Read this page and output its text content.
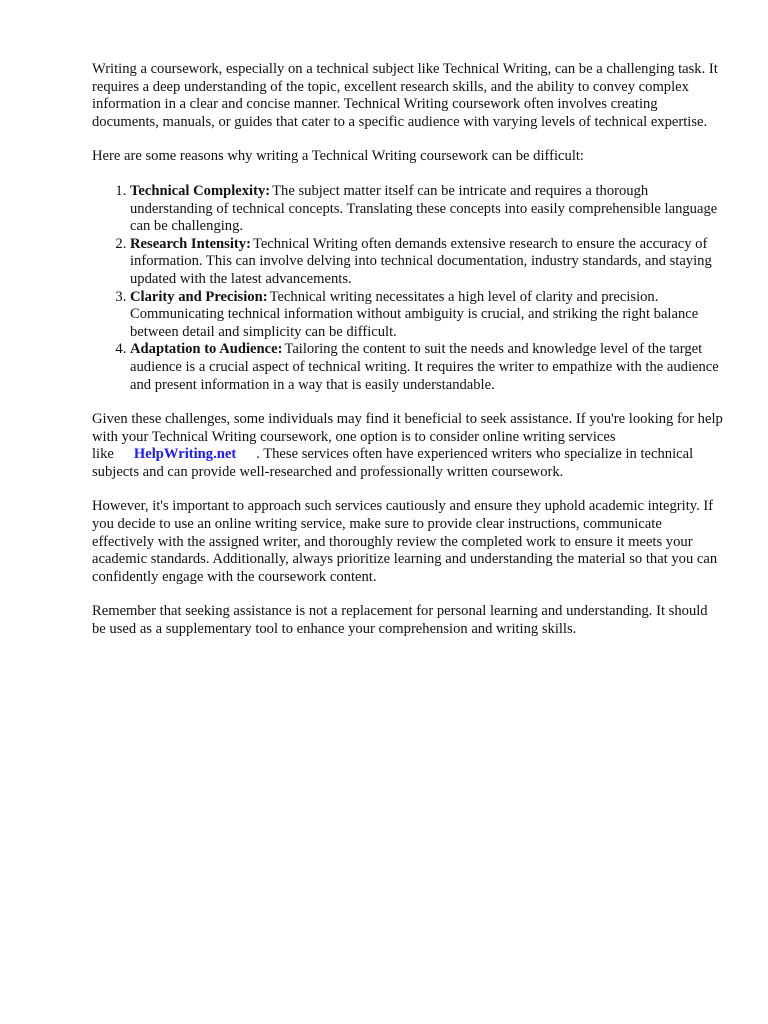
Writing a coursework, especially on a technical subject like Technical Writing, can be a challenging task. It requires a deep understanding of the topic, excellent research skills, and the ability to convey complex information in a clear and concise manner. Technical Writing coursework often involves creating documents, manuals, or guides that cater to a specific audience with varying levels of technical expertise.

Here are some reasons why writing a Technical Writing coursework can be difficult:

1. Technical Complexity: The subject matter itself can be intricate and requires a thorough understanding of technical concepts. Translating these concepts into easily comprehensible language can be challenging.
2. Research Intensity: Technical Writing often demands extensive research to ensure the accuracy of information. This can involve delving into technical documentation, industry standards, and staying updated with the latest advancements.
3. Clarity and Precision: Technical writing necessitates a high level of clarity and precision. Communicating technical information without ambiguity is crucial, and striking the right balance between detail and simplicity can be difficult.
4. Adaptation to Audience: Tailoring the content to suit the needs and knowledge level of the target audience is a crucial aspect of technical writing. It requires the writer to empathize with the audience and present information in a way that is easily understandable.

Given these challenges, some individuals may find it beneficial to seek assistance. If you're looking for help with your Technical Writing coursework, one option is to consider online writing services like HelpWriting.net . These services often have experienced writers who specialize in technical subjects and can provide well-researched and professionally written coursework.

However, it's important to approach such services cautiously and ensure they uphold academic integrity. If you decide to use an online writing service, make sure to provide clear instructions, communicate effectively with the assigned writer, and thoroughly review the completed work to ensure it meets your academic standards. Additionally, always prioritize learning and understanding the material so that you can confidently engage with the coursework content.

Remember that seeking assistance is not a replacement for personal learning and understanding. It should be used as a supplementary tool to enhance your comprehension and writing skills.
